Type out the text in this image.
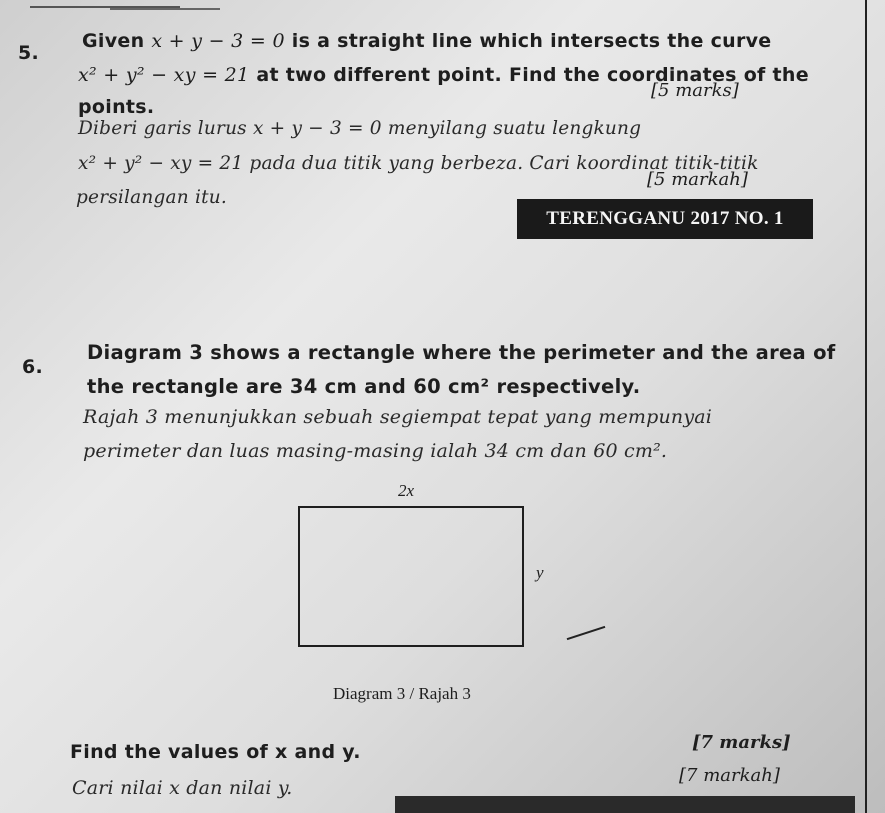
5.
Given x + y − 3 = 0 is a straight line which intersects the curve
x² + y² − xy = 21 at two different point. Find the coordinates of the
points.
[5 marks]
Diberi garis lurus x + y − 3 = 0 menyilang suatu lengkung
x² + y² − xy = 21 pada dua titik yang berbeza. Cari koordinat titik-titik
persilangan itu.
[5 markah]
TERENGGANU 2017 NO. 1
6.
Diagram 3 shows a rectangle where the perimeter and the area of
the rectangle are 34 cm and 60 cm² respectively.
Rajah 3 menunjukkan sebuah segiempat tepat yang mempunyai
perimeter dan luas masing-masing ialah 34 cm dan 60 cm².
2x
y
Diagram 3 / Rajah 3
Find the values of x and y.	[7 marks]
Cari nilai x dan nilai y.
[7 markah]
